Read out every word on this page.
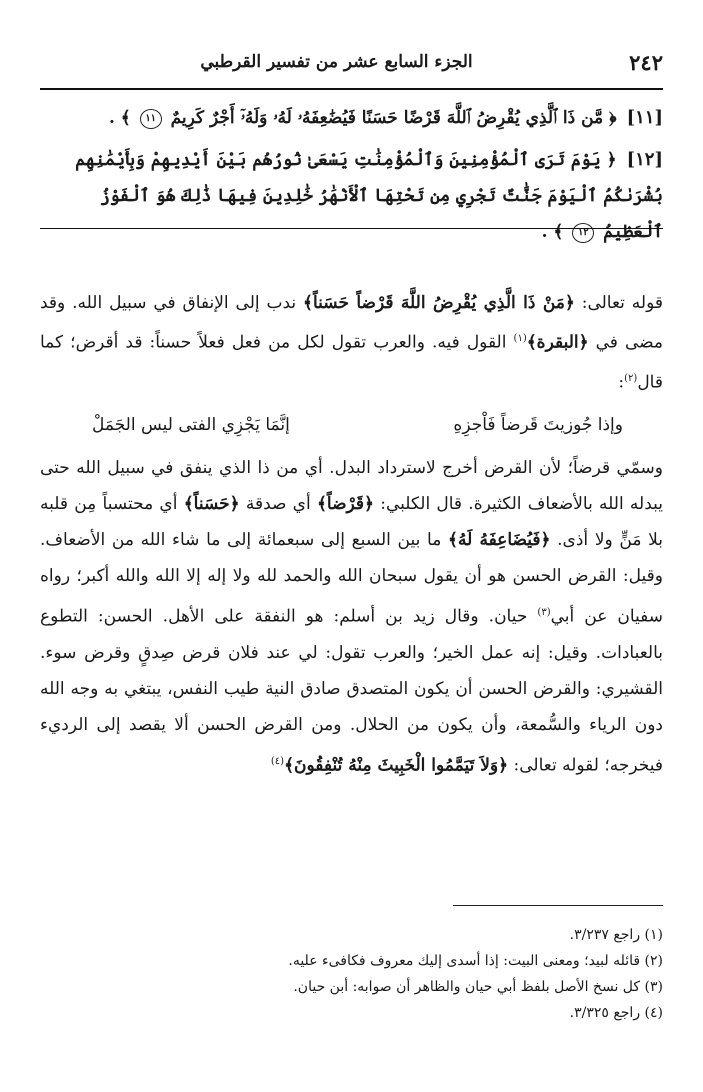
٢٤٢
الجزء السابع عشر من تفسير القرطبي
[١١]
﴿ مَّن ذَا ٱلَّذِي يُقْرِضُ ٱللَّهَ قَرْضًا حَسَنًا فَيُضَٰعِفَهُۥ لَهُۥ وَلَهُۥٓ أَجْرٌ كَرِيمٌ ١١ ﴾ .
[١٢]
﴿ يَوْمَ تَرَى ٱلْمُؤْمِنِينَ وَٱلْمُؤْمِنَٰتِ يَسْعَىٰ نُورُهُم بَيْنَ أَيْدِيهِمْ وَبِأَيْمَٰنِهِم بُشْرَىٰكُمُ ٱلْيَوْمَ جَنَّٰتٌ تَجْرِي مِن تَحْتِهَا ٱلْأَنْهَٰرُ خَٰلِدِينَ فِيهَا ذَٰلِكَ هُوَ ٱلْفَوْزُ ٱلْعَظِيمُ ١٢ ﴾ .

قوله تعالى: ﴿مَنْ ذَا الَّذِي يُقْرِضُ اللَّهَ قَرْضاً حَسَناً﴾ ندب إلى الإنفاق في سبيل الله. وقد مضى في ﴿البقرة﴾$^{(١)}$ القول فيه. والعرب تقول لكل من فعل فعلاً حسناً: قد أقرض؛ كما قال$^{(٢)}$:

وإذا جُوزيتَ قَرضاً فَاْجزِهِ
إنَّمَا يَجْزِي الفتى ليس الجَمَلْ

وسمّي قرضاً؛ لأن القرض أخرج لاسترداد البدل. أي من ذا الذي ينفق في سبيل الله حتى يبدله الله بالأضعاف الكثيرة. قال الكلبي: ﴿قَرْضاً﴾ أي صدقة ﴿حَسَناً﴾ أي محتسباً مِن قلبه بلا مَنٍّ ولا أذى. ﴿فَيُضَاعِفَهُ لَهُ﴾ ما بين السبع إلى سبعمائة إلى ما شاء الله من الأضعاف. وقيل: القرض الحسن هو أن يقول سبحان الله والحمد لله ولا إله إلا الله والله أكبر؛ رواه سفيان عن أبي$^{(٣)}$ حيان. وقال زيد بن أسلم: هو النفقة على الأهل. الحسن: التطوع بالعبادات. وقيل: إنه عمل الخير؛ والعرب تقول: لي عند فلان قرض صِدقٍ وقرض سوء. القشيري: والقرض الحسن أن يكون المتصدق صادق النية طيب النفس، يبتغي به وجه الله دون الرياء والسُّمعة، وأن يكون من الحلال. ومن القرض الحسن ألا يقصد إلى الرديء فيخرجه؛ لقوله تعالى: ﴿وَلاَ تَيَمَّمُوا الْخَبِيثَ مِنْهُ تُنْفِقُونَ﴾$^{(٤)}$

(١) راجع ٣/٢٣٧.
(٢) قائله لبيد؛ ومعنى البيت: إذا أسدى إليك معروف فكافىء عليه.
(٣) كل نسخ الأصل بلفظ أبي حيان والظاهر أن صوابه: أبن حيان.
(٤) راجع ٣/٣٢٥.
